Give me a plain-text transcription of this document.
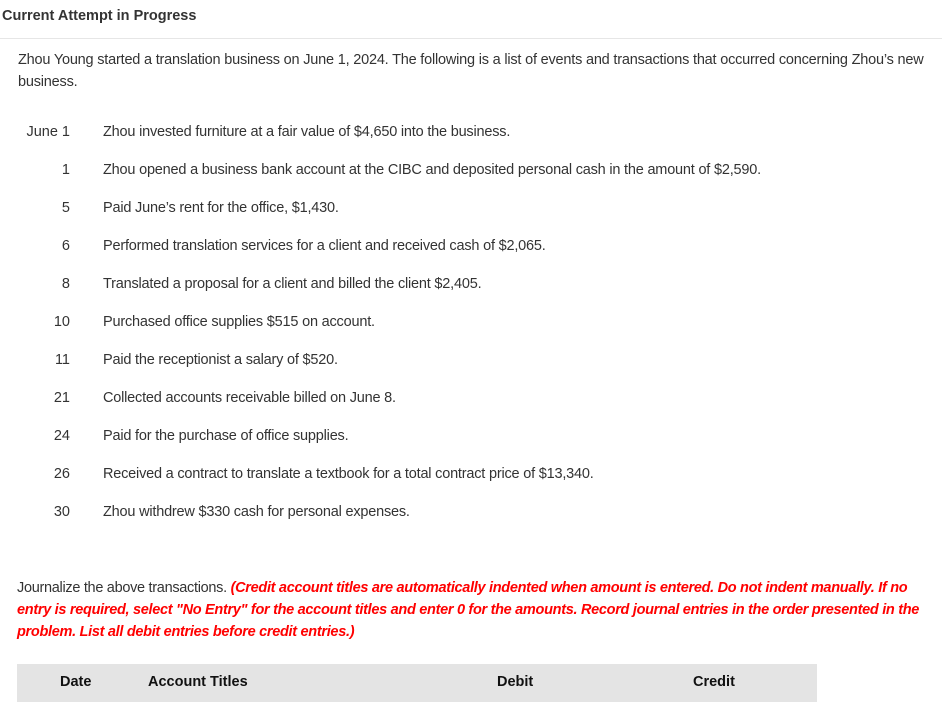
Current Attempt in Progress
Zhou Young started a translation business on June 1, 2024. The following is a list of events and transactions that occurred concerning Zhou’s new business.
June 1 Zhou invested furniture at a fair value of $4,650 into the business.
1 Zhou opened a business bank account at the CIBC and deposited personal cash in the amount of $2,590.
5 Paid June’s rent for the office, $1,430.
6 Performed translation services for a client and received cash of $2,065.
8 Translated a proposal for a client and billed the client $2,405.
10 Purchased office supplies $515 on account.
11 Paid the receptionist a salary of $520.
21 Collected accounts receivable billed on June 8.
24 Paid for the purchase of office supplies.
26 Received a contract to translate a textbook for a total contract price of $13,340.
30 Zhou withdrew $330 cash for personal expenses.
Journalize the above transactions. (Credit account titles are automatically indented when amount is entered. Do not indent manually. If no entry is required, select "No Entry" for the account titles and enter 0 for the amounts. Record journal entries in the order presented in the problem. List all debit entries before credit entries.)
Date	Account Titles	Debit	Credit
